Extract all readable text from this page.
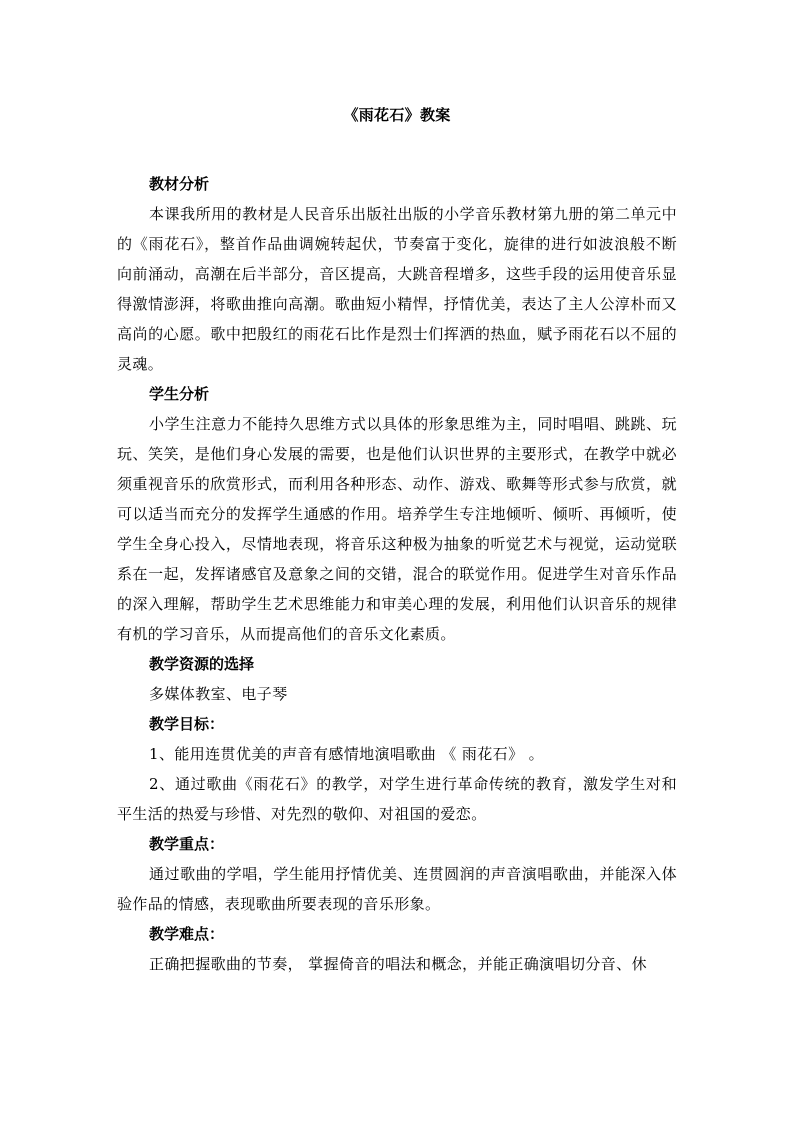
《雨花石》教案

教材分析

本课我所用的教材是人民音乐出版社出版的小学音乐教材第九册的第二单元中的《雨花石》，整首作品曲调婉转起伏，节奏富于变化，旋律的进行如波浪般不断向前涌动，高潮在后半部分，音区提高，大跳音程增多，这些手段的运用使音乐显得激情澎湃，将歌曲推向高潮。歌曲短小精悍，抒情优美，表达了主人公淳朴而又高尚的心愿。歌中把殷红的雨花石比作是烈士们挥洒的热血，赋予雨花石以不屈的灵魂。

学生分析

小学生注意力不能持久思维方式以具体的形象思维为主，同时唱唱、跳跳、玩玩、笑笑，是他们身心发展的需要，也是他们认识世界的主要形式，在教学中就必须重视音乐的欣赏形式，而利用各种形态、动作、游戏、歌舞等形式参与欣赏，就可以适当而充分的发挥学生通感的作用。培养学生专注地倾听、倾听、再倾听，使学生全身心投入，尽情地表现，将音乐这种极为抽象的听觉艺术与视觉，运动觉联系在一起，发挥诸感官及意象之间的交错，混合的联觉作用。促进学生对音乐作品的深入理解，帮助学生艺术思维能力和审美心理的发展，利用他们认识音乐的规律有机的学习音乐，从而提高他们的音乐文化素质。

教学资源的选择

多媒体教室、电子琴

教学目标：

1、能用连贯优美的声音有感情地演唱歌曲 《 雨花石》 。

2、通过歌曲《雨花石》的教学，对学生进行革命传统的教育，激发学生对和平生活的热爱与珍惜、对先烈的敬仰、对祖国的爱恋。

教学重点：

通过歌曲的学唱，学生能用抒情优美、连贯圆润的声音演唱歌曲，并能深入体验作品的情感，表现歌曲所要表现的音乐形象。

教学难点：

正确把握歌曲的节奏， 掌握倚音的唱法和概念，并能正确演唱切分音、休
